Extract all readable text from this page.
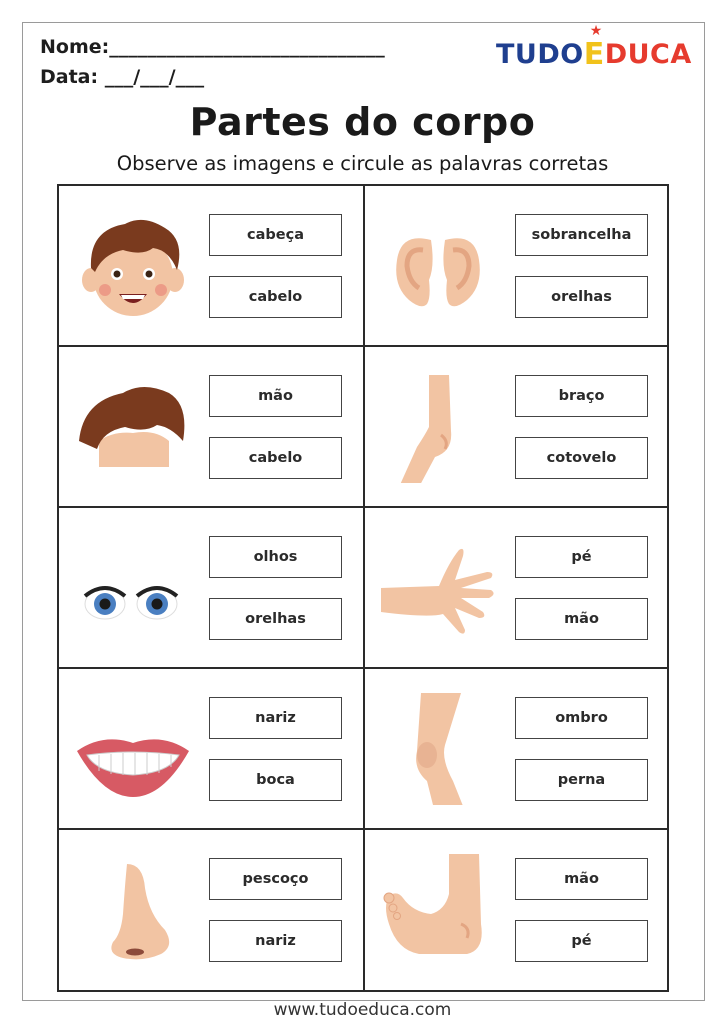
Nome:_____________________________
Data: ___/___/___
TUDO
★
E DUCA
Partes do corpo
Observe as imagens e circule as palavras corretas
cabeça
cabelo
sobrancelha
orelhas
mão
cabelo
braço
cotovelo
olhos
orelhas
pé
mão
nariz
boca
ombro
perna
pescoço
nariz
mão
pé
www.tudoeduca.com
